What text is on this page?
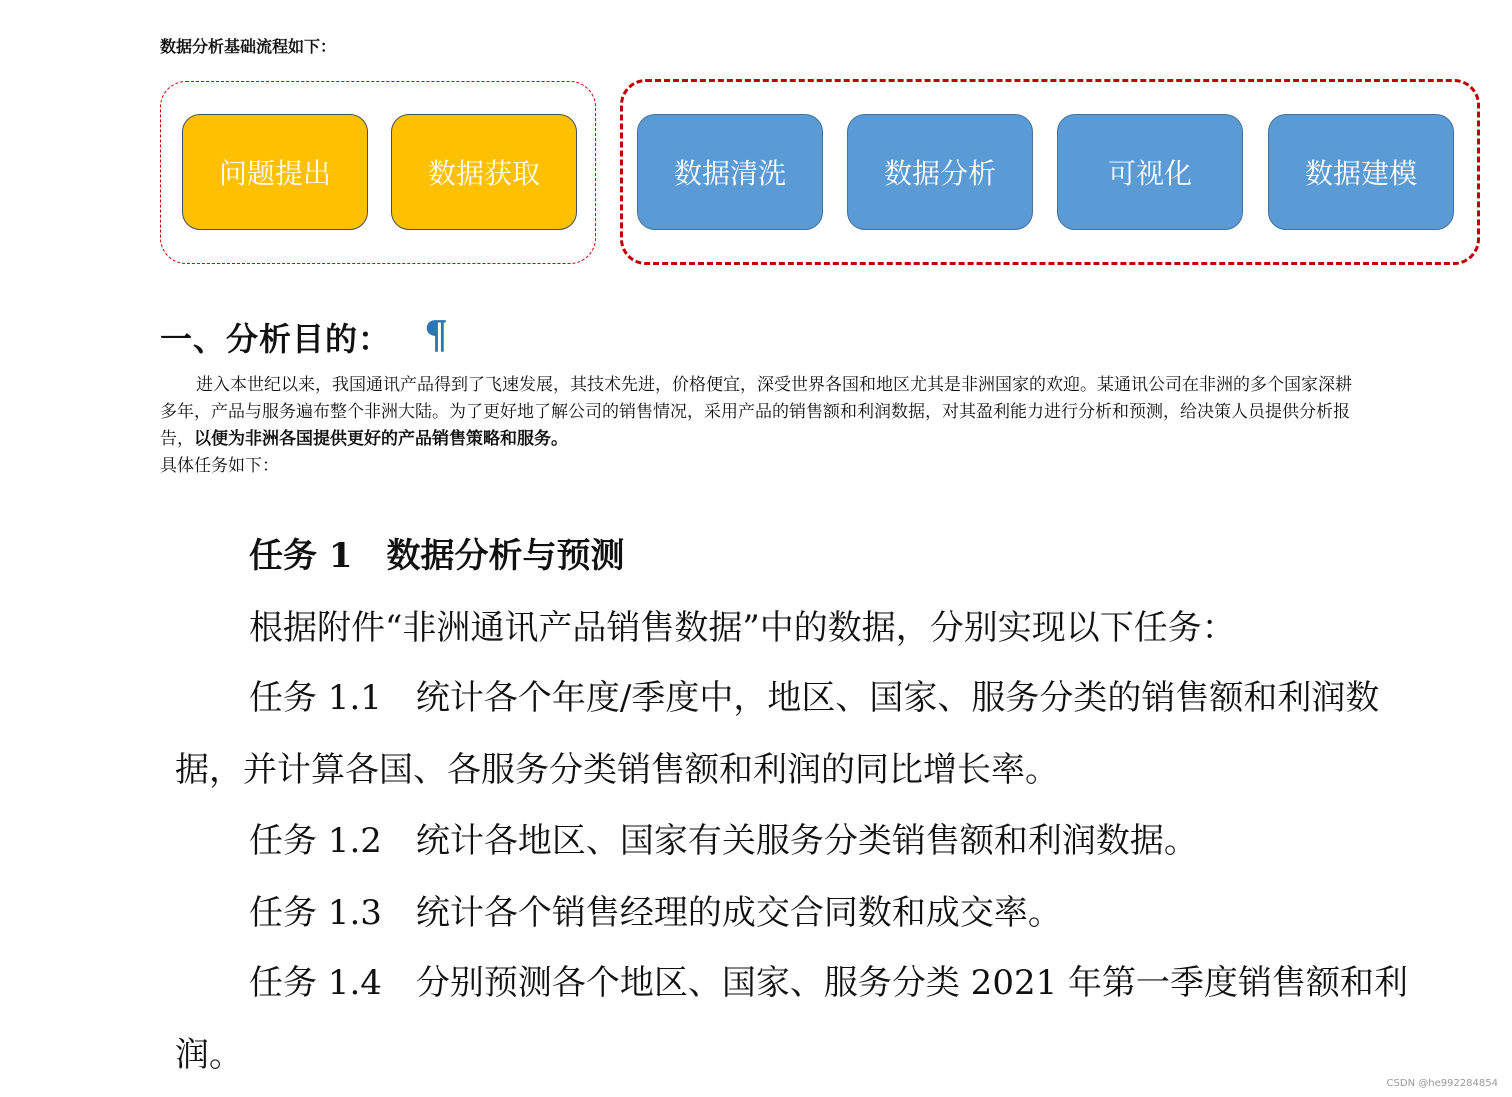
数据分析基础流程如下：
问题提出	数据获取	数据清洗	数据分析	可视化	数据建模
一、分析目的： ¶
进入本世纪以来，我国通讯产品得到了飞速发展，其技术先进，价格便宜，深受世界各国和地区尤其是非洲国家的欢迎。某通讯公司在非洲的多个国家深耕
多年，产品与服务遍布整个非洲大陆。为了更好地了解公司的销售情况，采用产品的销售额和利润数据，对其盈利能力进行分析和预测，给决策人员提供分析报
告，以便为非洲各国提供更好的产品销售策略和服务。
具体任务如下：
任务 1　数据分析与预测
根据附件“非洲通讯产品销售数据”中的数据，分别实现以下任务：
任务 1.1　统计各个年度/季度中，地区、国家、服务分类的销售额和利润数
据，并计算各国、各服务分类销售额和利润的同比增长率。
任务 1.2　统计各地区、国家有关服务分类销售额和利润数据。
任务 1.3　统计各个销售经理的成交合同数和成交率。
任务 1.4　分别预测各个地区、国家、服务分类 2021 年第一季度销售额和利
润。
CSDN @he992284854
